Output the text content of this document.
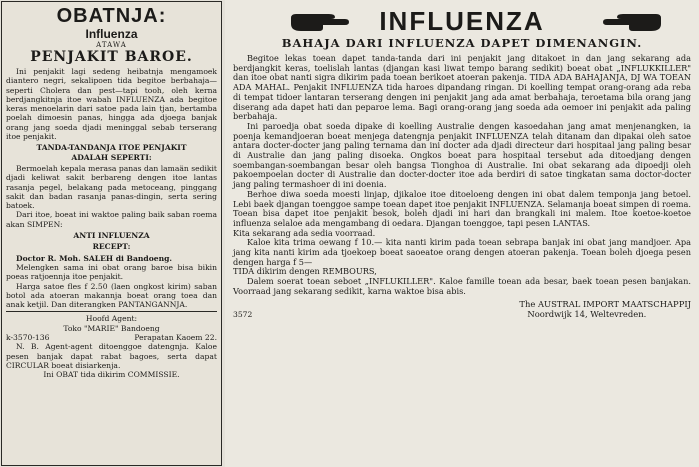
OBATNJA:

Influenza

ATAWA

PENJAKIT BAROE.

Ini penjakit lagi sedeng heibatnja mengamoek diantero negri, sekalipoen tida begitoe berbahaja—seperti Cholera dan pest—tapi tooh, oleh kerna berdjangkitnja itoe wabah INFLUENZA ada begitoe keras menoelarin dari satoe pada lain tjan, bertamba poelah dimoesin panas, hingga ada djoega banjak orang jang soeda djadi meninggal sebab terserang itoe penjakit.

TANDA-TANDANJA ITOE PENJAKIT
ADALAH SEPERTI:

Bermoelah kepala merasa panas dan lamaän sedikit djadi keliwat sakit berbareng dengen itoe lantas rasanja pegel, belakang pada metoceang, pinggang sakit dan badan rasanja panas-dingin, serta sering batoek.

Dari itoe, boeat ini waktoe paling baik saban roema akan SIMPEN:

ANTI INFLUENZA

RECEPT:

Doctor R. Moh. SALEH di Bandoeng.

Melengken sama ini obat orang baroe bisa bikin poeas ratjoennja itoe penjakit.

Harga satoe fles f 2.50 (laen ongkost kirim) saban botol ada atoeran makannja boeat orang toea dan anak ketjil. Dan diterangken PANTANGANNJA.

Hoofd Agent:

Toko "MARIE" Bandoeng

k-3570-136	Perapatan Kaoem 22.

N. B. Agent-agent ditoenggoe datengnja. Kaloe pesen banjak dapat rabat bagoes, serta dapat CIRCULAR boeat disiarkenja.

Ini OBAT tida dikirim COMMISSIE.

INFLUENZA

BAHAJA DARI INFLUENZA DAPET DIMENANGIN.

Begitoe lekas toean dapet tanda-tanda dari ini penjakit jang ditakoet in dan jang sekarang ada berdjangkit keras, toelislah lantas (djangan kasi liwat tempo barang sedikit) boeat obat „INFLUKKILLER" dan itoe obat nanti sigra dikirim pada toean berikoet atoeran pakenja. TIDA ADA BAHAJANJA, DJ WA TOEAN ADA MAHAL. Penjakit INFLUENZA tida haroes dipandang ringan. Di koelling tempat orang-orang ada reba di tempat tidoer lantaran terserang dengen ini penjakit jang ada amat berbahaja, teroetama bila orang jang diserang ada dapet hati dan peparoe lema. Bagi orang-orang jang soeda ada oemoer ini penjakit ada paling berbahaja.

Ini paroedja obat soeda dipake di koelling Australie dengen kasoedahan jang amat menjenangken, ia poenja kemandjoeran boeat menjega datengnja penjakit INFLUENZA telah ditanam dan dipakai oleh satoe antara docter-docter jang paling ternama dan ini docter ada djadi directeur dari hospitaal jang paling besar di Australie dan jang paling disoeka. Ongkos boeat para hospitaal tersebut ada ditoedjang dengen soembangan-soembangan besar oleh bangsa Tionghoa di Australie. Ini obat sekarang ada dipoedji oleh pakoempoelan docter di Australie dan docter-docter itoe ada berdiri di satoe tingkatan sama doctor-docter jang paling termashoer di ini doenia.

Berhoe diwa soeda moesti linjap, djikaloe itoe ditoeloeng dengen ini obat dalem temponja jang betoel. Lebi baek djangan toenggoe sampe toean dapet itoe penjakit INFLUENZA. Selamanja boeat simpen di roema. Toean bisa dapet itoe penjakit besok, boleh djadi ini hari dan brangkali ini malem. Itoe koetoe-koetoe influenza selaloe ada mengambang di oedara. Djangan toenggoe, tapi pesen LANTAS.

Kita sekarang ada sedia voorraad.

Kaloe kita trima oewang f 10.— kita nanti kirim pada toean sebrapa banjak ini obat jang mandjoer. Apa jang kita nanti kirim ada tjoekoep boeat saoeatoe orang dengen atoeran pakenja. Toean boleh djoega pesen dengen harga f 5—

TIDA dikirim dengen REMBOURS,

Dalem soerat toean seboet „INFLUKILLER". Kaloe famille toean ada besar, baek toean pesen banjakan. Voorraad jang sekarang sedikit, karna waktoe bisa abis.

3572
The AUSTRAL IMPORT MAATSCHAPPIJ
Noordwijk 14, Weltevreden.
